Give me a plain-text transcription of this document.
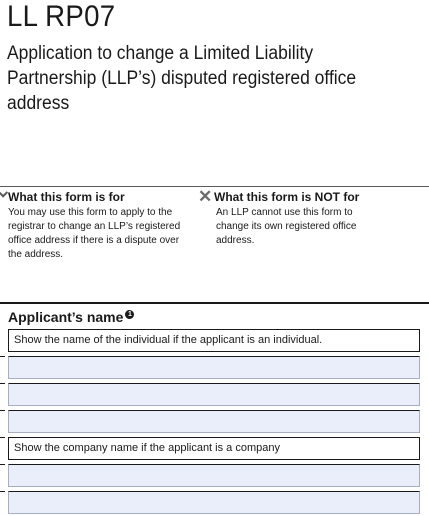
LL RP07
Application to change a Limited Liability Partnership (LLP’s) disputed registered office address
What this form is for
You may use this form to apply to the registrar to change an LLP’s registered office address if there is a dispute over the address.
✕ What this form is NOT for
An LLP cannot use this form to change its own registered office address.
Applicant’s name 1
Show the name of the individual if the applicant is an individual.
Show the company name if the applicant is a company
